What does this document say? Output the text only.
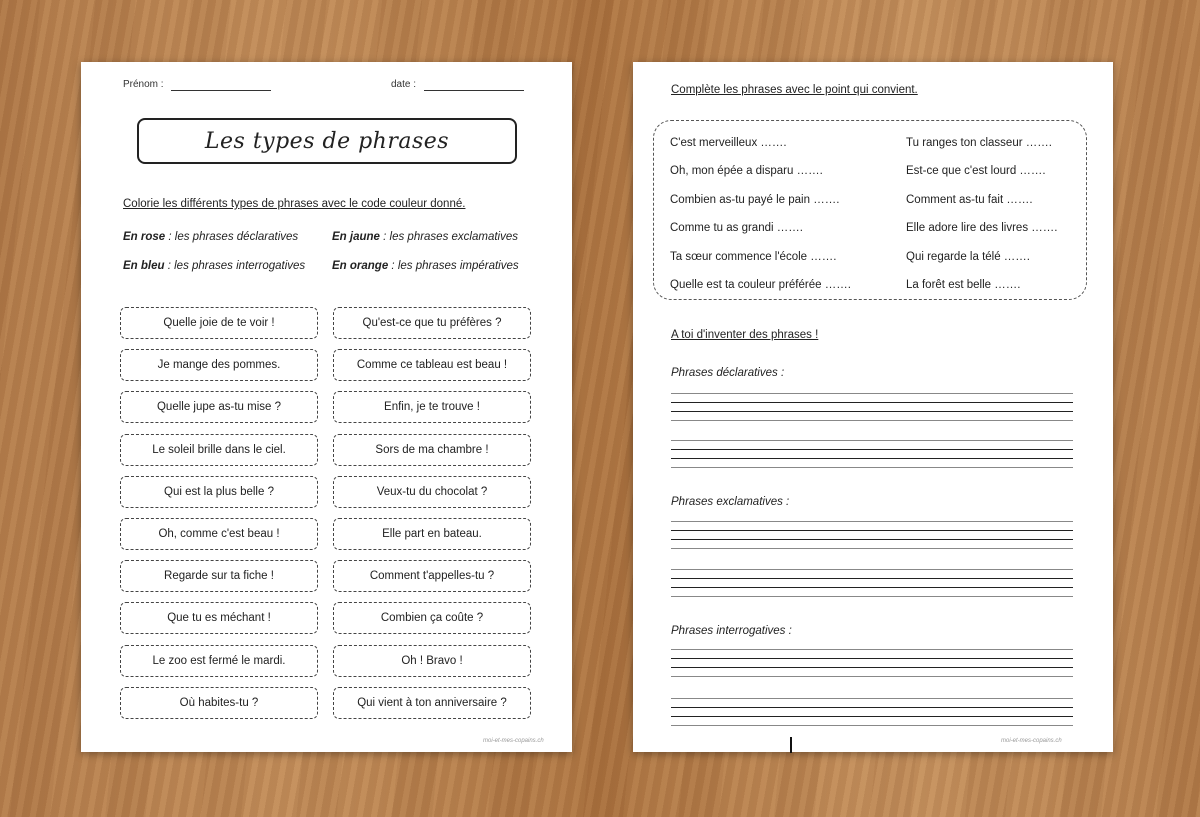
Prénom :	date :
Les types de phrases
Colorie les différents types de phrases avec le code couleur donné.
En rose : les phrases déclaratives	En jaune : les phrases exclamatives
En bleu : les phrases interrogatives En orange : les phrases impératives
Quelle joie de te voir !
Je mange des pommes.
Quelle jupe as-tu mise ?
Le soleil brille dans le ciel.
Qui est la plus belle ?
Oh, comme c'est beau !
Regarde sur ta fiche !
Que tu es méchant !
Le zoo est fermé le mardi.
Où habites-tu ?
Qu'est-ce que tu préfères ?
Comme ce tableau est beau !
Enfin, je te trouve !
Sors de ma chambre !
Veux-tu du chocolat ?
Elle part en bateau.
Comment t'appelles-tu ?
Combien ça coûte ?
Oh ! Bravo !
Qui vient à ton anniversaire ?
moi-et-mes-copains.ch
Complète les phrases avec le point qui convient.
C'est merveilleux …….
Oh, mon épée a disparu …….
Combien as-tu payé le pain …….
Comme tu as grandi …….
Ta sœur commence l'école …….
Quelle est ta couleur préférée …….
Tu ranges ton classeur …….
Est-ce que c'est lourd …….
Comment as-tu fait …….
Elle adore lire des livres …….
Qui regarde la télé …….
La forêt est belle …….
A toi d'inventer des phrases !
Phrases déclaratives :
Phrases exclamatives :
Phrases interrogatives :
moi-et-mes-copains.ch
